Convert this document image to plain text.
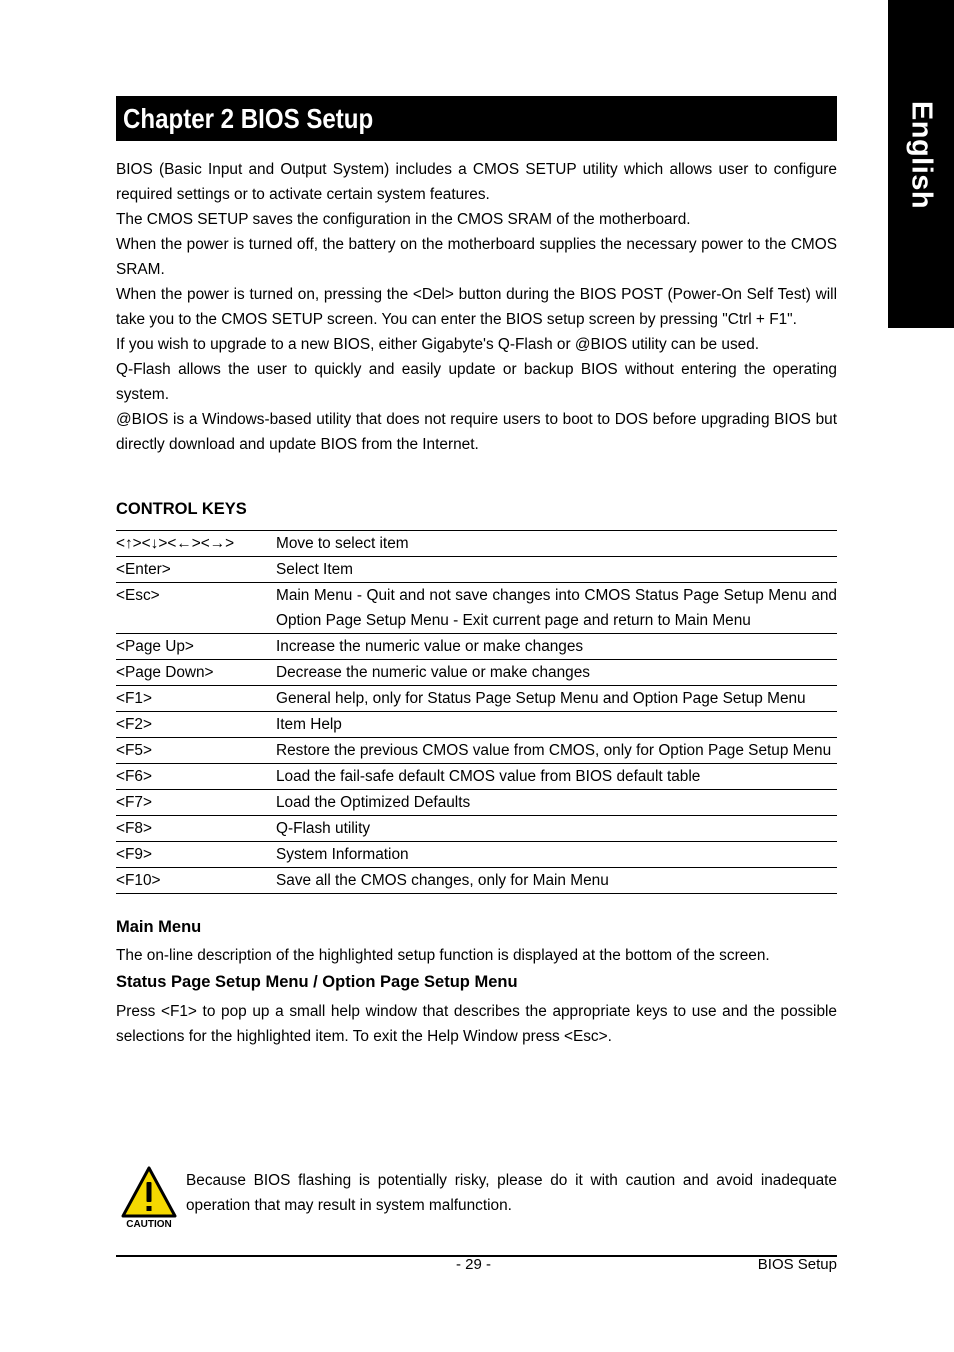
English
Chapter 2 BIOS Setup

BIOS (Basic Input and Output System) includes a CMOS SETUP utility which allows user to configure required settings or to activate certain system features.

The CMOS SETUP saves the configuration in the CMOS SRAM of the motherboard.

When the power is turned off, the battery on the motherboard supplies the necessary power to the CMOS SRAM.

When the power is turned on, pressing the <Del> button during the BIOS POST (Power-On Self Test) will take you to the CMOS SETUP screen. You can enter the BIOS setup screen by pressing "Ctrl + F1".

If you wish to upgrade to a new BIOS, either Gigabyte's Q-Flash or @BIOS utility can be used.

Q-Flash allows the user to quickly and easily update or backup BIOS without entering the operating system.

@BIOS is a Windows-based utility that does not require users to boot to DOS before upgrading BIOS but directly download and update BIOS from the Internet.

CONTROL KEYS
<↑><↓><←><→>	Move to select item
<Enter>	Select Item
<Esc>	Main Menu - Quit and not save changes into CMOS Status Page Setup Menu and Option Page Setup Menu - Exit current page and return to Main Menu
<Page Up>	Increase the numeric value or make changes
<Page Down>	Decrease the numeric value or make changes
<F1>	General help, only for Status Page Setup Menu and Option Page Setup Menu
<F2>	Item Help
<F5>	Restore the previous CMOS value from CMOS, only for Option Page Setup Menu
<F6>	Load the fail-safe default CMOS value from BIOS default table
<F7>	Load the Optimized Defaults
<F8>	Q-Flash utility
<F9>	System Information
<F10>	Save all the CMOS changes, only for Main Menu
Main Menu

The on-line description of the highlighted setup function is displayed at the bottom of the screen.

Status Page Setup Menu / Option Page Setup Menu

Press <F1> to pop up a small help window that describes the appropriate keys to use and the possible selections for the highlighted item. To exit the Help Window press <Esc>.

CAUTION

Because BIOS flashing is potentially risky, please do it with caution and avoid inadequate operation that may result in system malfunction.

- 29 -	BIOS Setup
